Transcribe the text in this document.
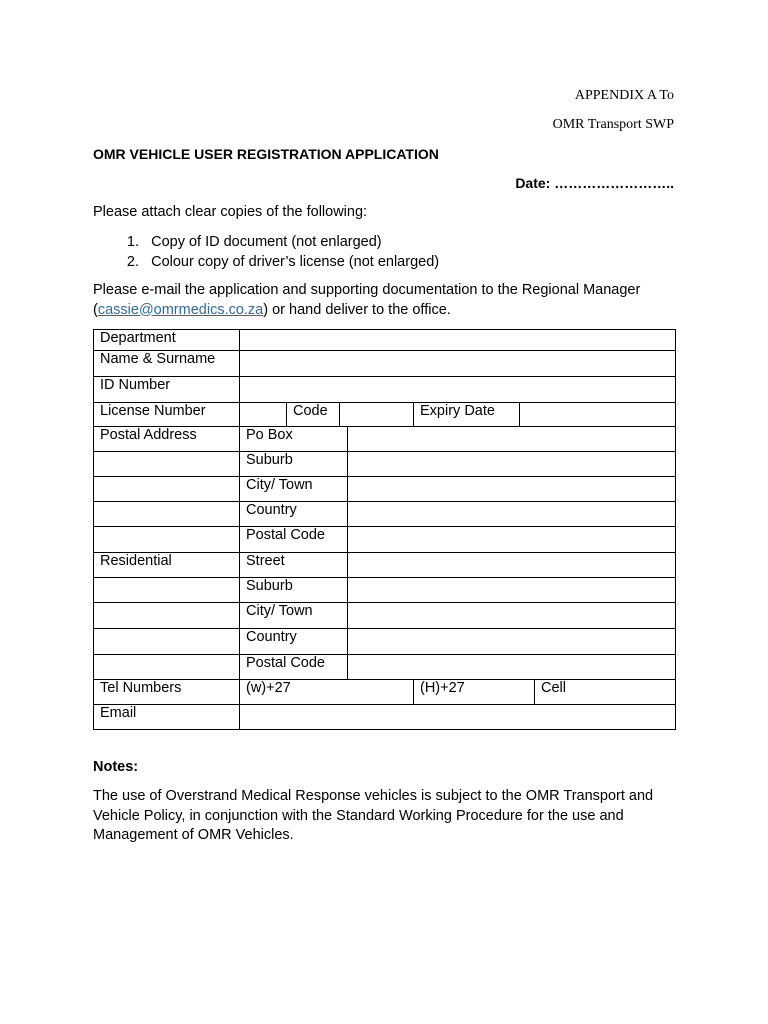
APPENDIX A To
OMR Transport SWP
OMR VEHICLE USER REGISTRATION APPLICATION
Date: ……………………..
Please attach clear copies of the following:
1. Copy of ID document (not enlarged)
2. Colour copy of driver’s license (not enlarged)
Please e-mail the application and supporting documentation to the Regional Manager (cassie@omrmedics.co.za) or hand deliver to the office.
Department							
Name & Surname							
ID Number							
License Number		Code			Expiry Date		
Postal Address	Po Box						
	Suburb						
	City/ Town						
	Country						
	Postal Code						
Residential	Street						
	Suburb						
	City/ Town						
	Country						
	Postal Code						
Tel Numbers	(w)+27				(H)+27		Cell
Email							
Notes:
The use of Overstrand Medical Response vehicles is subject to the OMR Transport and Vehicle Policy, in conjunction with the Standard Working Procedure for the use and Management of OMR Vehicles.
